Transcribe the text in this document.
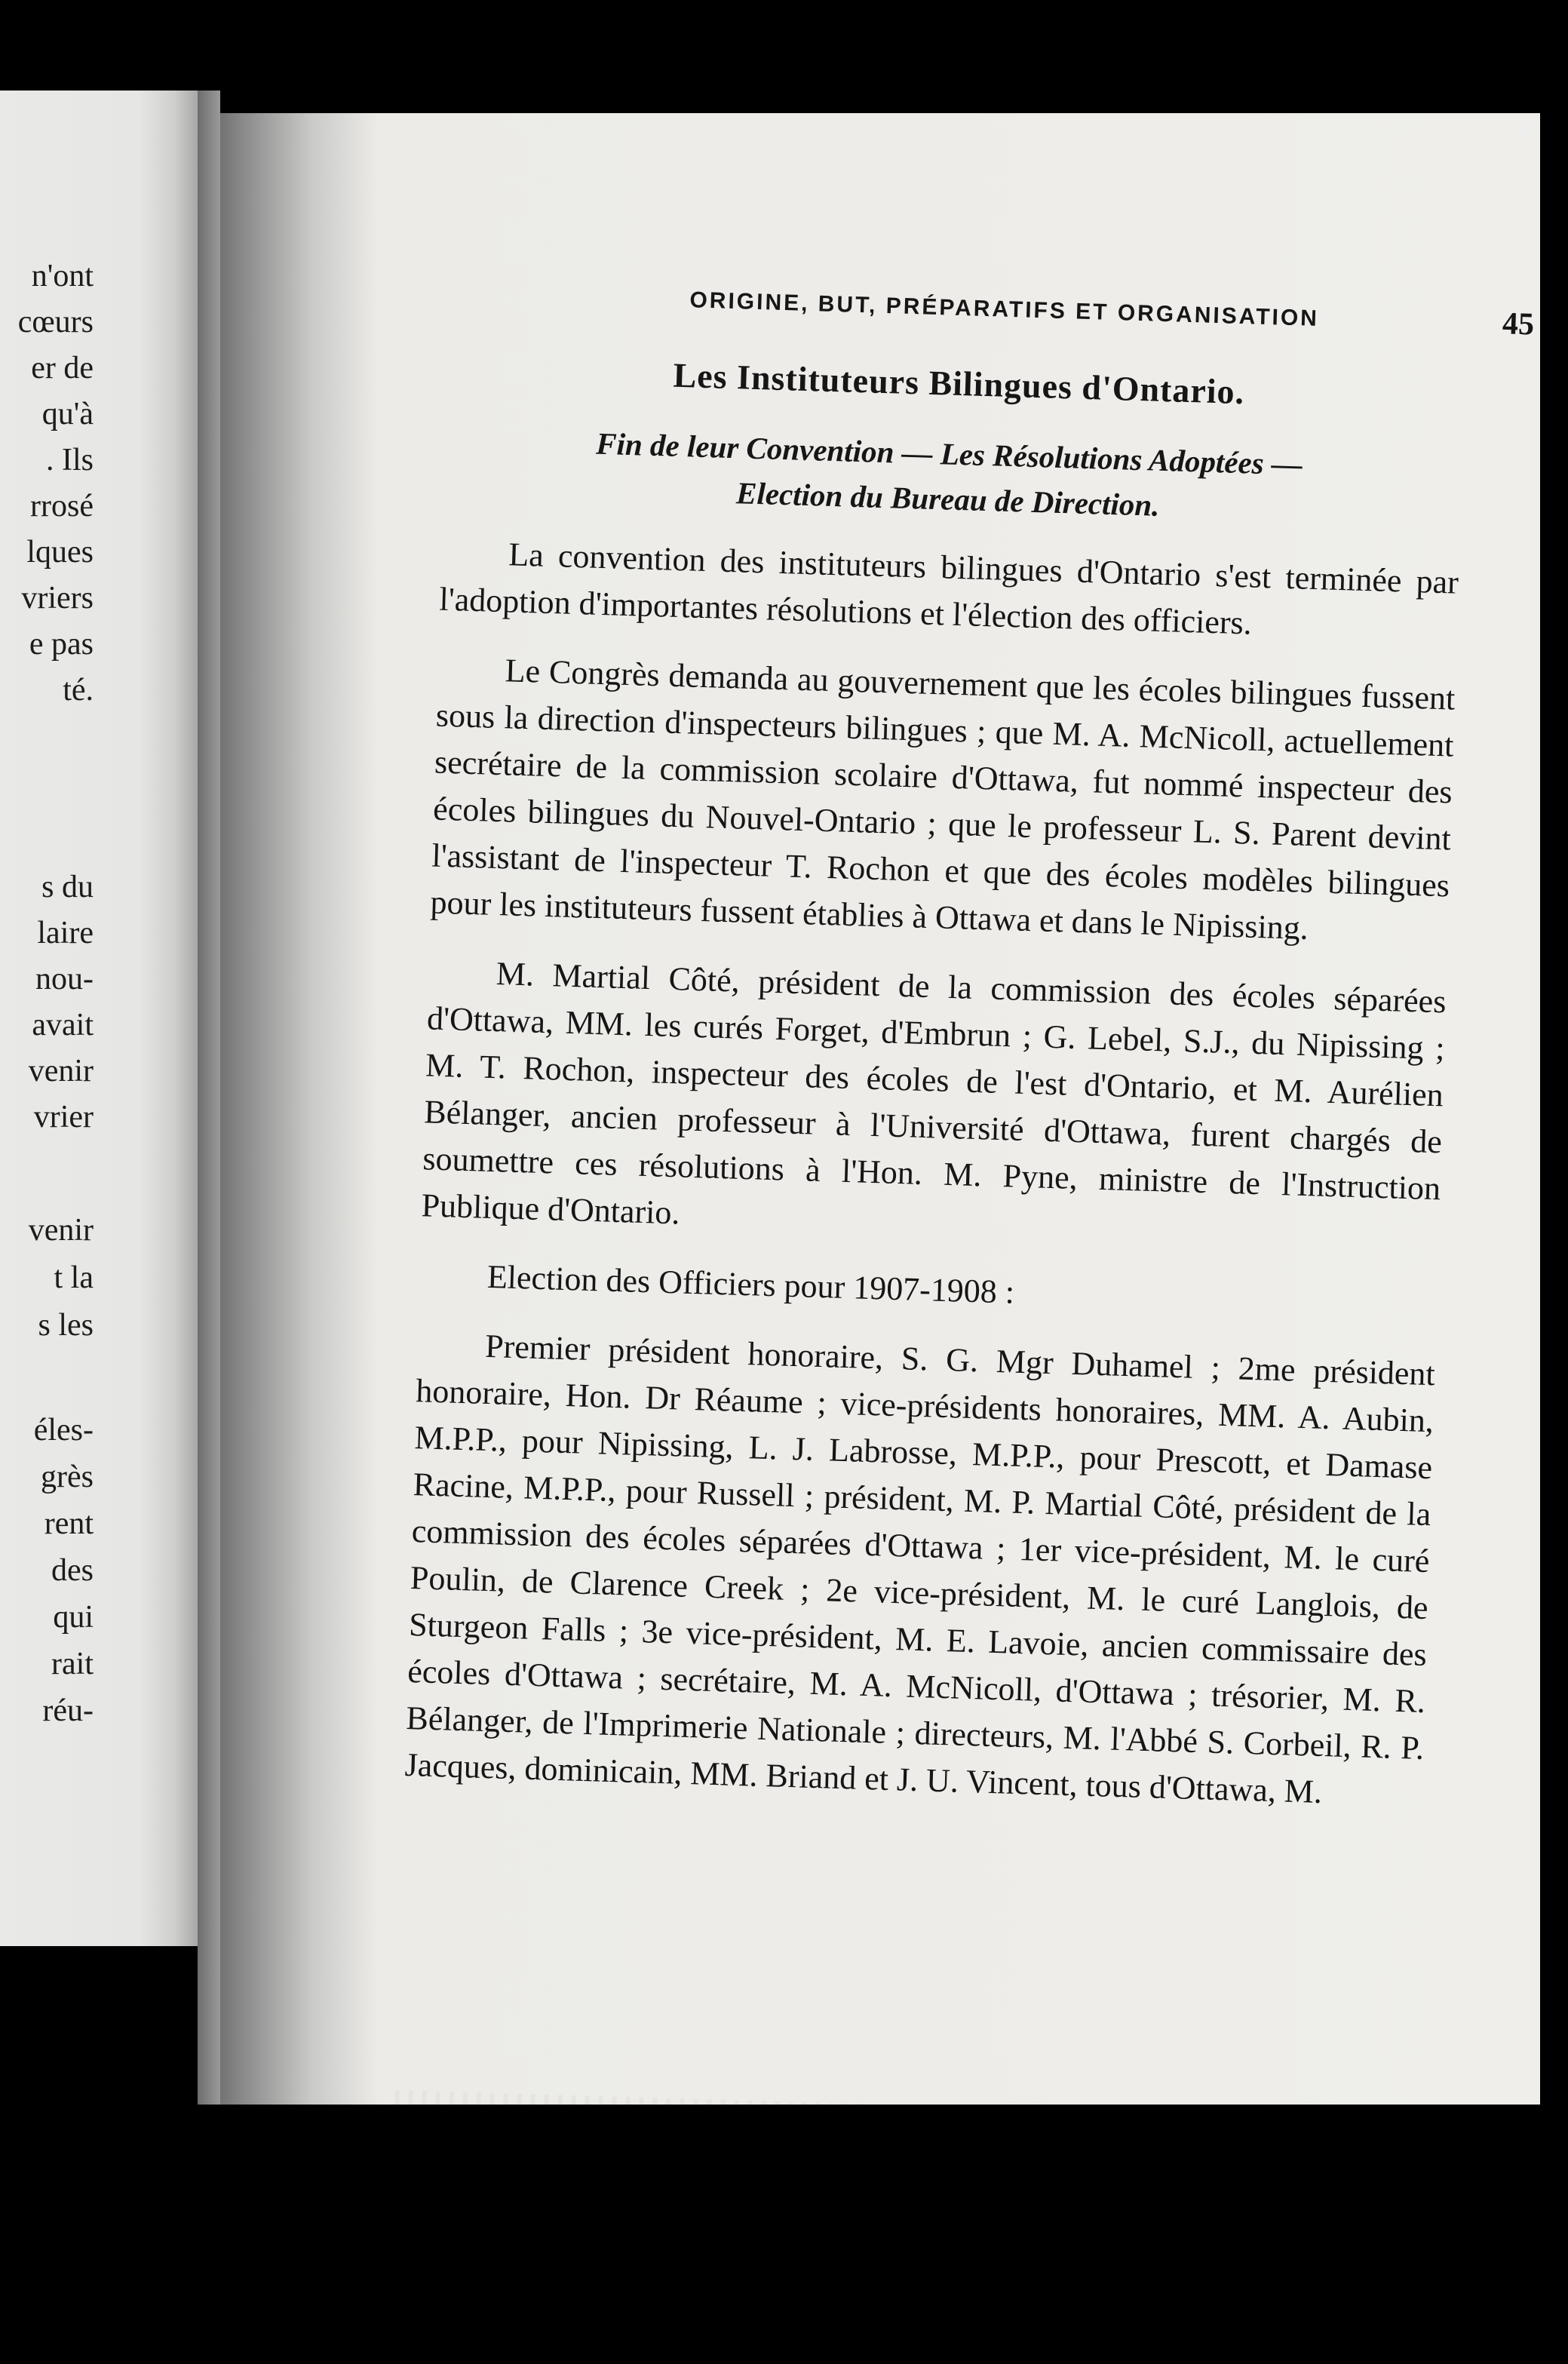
n'ont
cœurs
er de
qu'à
. Ils
rrosé
lques
vriers
e pas
té.
s du
laire
nou-
avait
venir
vrier
venir
t la
s les
éles-
grès
rent
des
qui
rait
réu-
ORIGINE, BUT, PRÉPARATIFS ET ORGANISATION	45
Les Instituteurs Bilingues d'Ontario.
Fin de leur Convention — Les Résolutions Adoptées —
Election du Bureau de Direction.

La convention des instituteurs bilingues d'Ontario s'est terminée par l'adoption d'importantes résolutions et l'élection des officiers.

Le Congrès demanda au gouvernement que les écoles bilingues fussent sous la direction d'inspecteurs bilingues ; que M. A. McNicoll, actuellement secrétaire de la commission scolaire d'Ottawa, fut nommé inspecteur des écoles bilingues du Nouvel-Ontario ; que le professeur L. S. Parent devint l'assistant de l'inspecteur T. Rochon et que des écoles modèles bilingues pour les instituteurs fussent établies à Ottawa et dans le Nipissing.

M. Martial Côté, président de la commission des écoles séparées d'Ottawa, MM. les curés Forget, d'Embrun ; G. Lebel, S.J., du Nipissing ; M. T. Rochon, inspecteur des écoles de l'est d'Ontario, et M. Aurélien Bélanger, ancien professeur à l'Université d'Ottawa, furent chargés de soumettre ces résolutions à l'Hon. M. Pyne, ministre de l'Instruction Publique d'Ontario.

Election des Officiers pour 1907-1908 :

Premier président honoraire, S. G. Mgr Duhamel ; 2me président honoraire, Hon. Dr Réaume ; vice-présidents honoraires, MM. A. Aubin, M.P.P., pour Nipissing, L. J. Labrosse, M.P.P., pour Prescott, et Damase Racine, M.P.P., pour Russell ; président, M. P. Martial Côté, président de la commission des écoles séparées d'Ottawa ; 1er vice-président, M. le curé Poulin, de Clarence Creek ; 2e vice-président, M. le curé Langlois, de Sturgeon Falls ; 3e vice-président, M. E. Lavoie, ancien commissaire des écoles d'Ottawa ; secrétaire, M. A. McNicoll, d'Ottawa ; trésorier, M. R. Bélanger, de l'Imprimerie Nationale ; directeurs, M. l'Abbé S. Corbeil, R. P. Jacques, dominicain, MM. Briand et J. U. Vincent, tous d'Ottawa, M.
